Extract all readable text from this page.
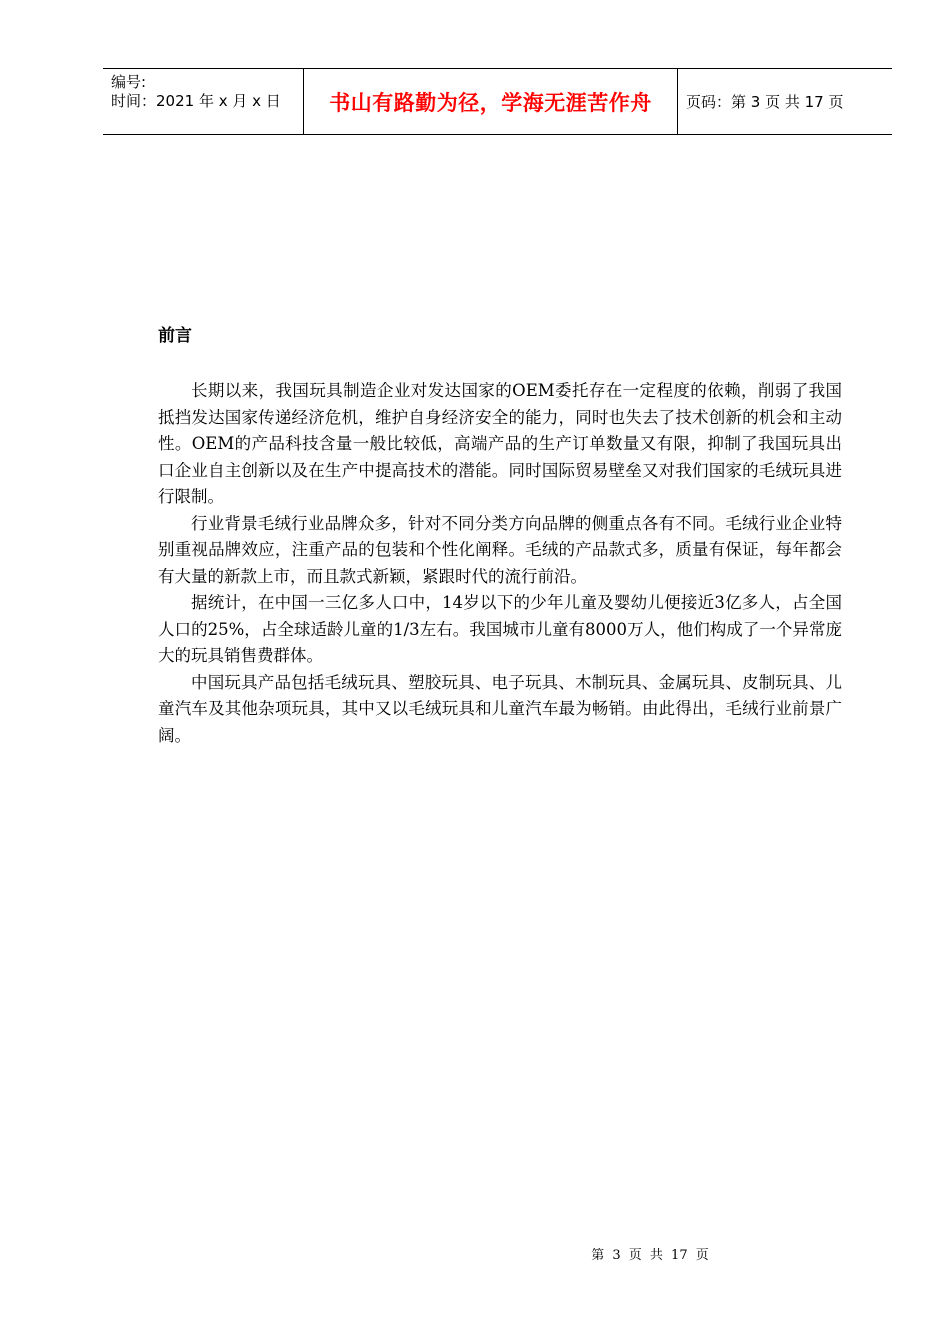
编号:
时间：2021 年 x 月 x 日	书山有路勤为径，学海无涯苦作舟 页码：第 3 页 共 17 页
前言

长期以来，我国玩具制造企业对发达国家的OEM委托存在一定程度的依赖，削弱了我国抵挡发达国家传递经济危机，维护自身经济安全的能力，同时也失去了技术创新的机会和主动性。OEM的产品科技含量一般比较低，高端产品的生产订单数量又有限，抑制了我国玩具出口企业自主创新以及在生产中提高技术的潜能。同时国际贸易壁垒又对我们国家的毛绒玩具进行限制。

行业背景毛绒行业品牌众多，针对不同分类方向品牌的侧重点各有不同。毛绒行业企业特别重视品牌效应，注重产品的包装和个性化阐释。毛绒的产品款式多，质量有保证，每年都会有大量的新款上市，而且款式新颖，紧跟时代的流行前沿。

据统计，在中国一三亿多人口中，14岁以下的少年儿童及婴幼儿便接近3亿多人，占全国人口的25%，占全球适龄儿童的1/3左右。我国城市儿童有8000万人，他们构成了一个异常庞大的玩具销售费群体。

中国玩具产品包括毛绒玩具、塑胶玩具、电子玩具、木制玩具、金属玩具、皮制玩具、儿童汽车及其他杂项玩具，其中又以毛绒玩具和儿童汽车最为畅销。由此得出，毛绒行业前景广阔。

第 3 页 共 17 页
